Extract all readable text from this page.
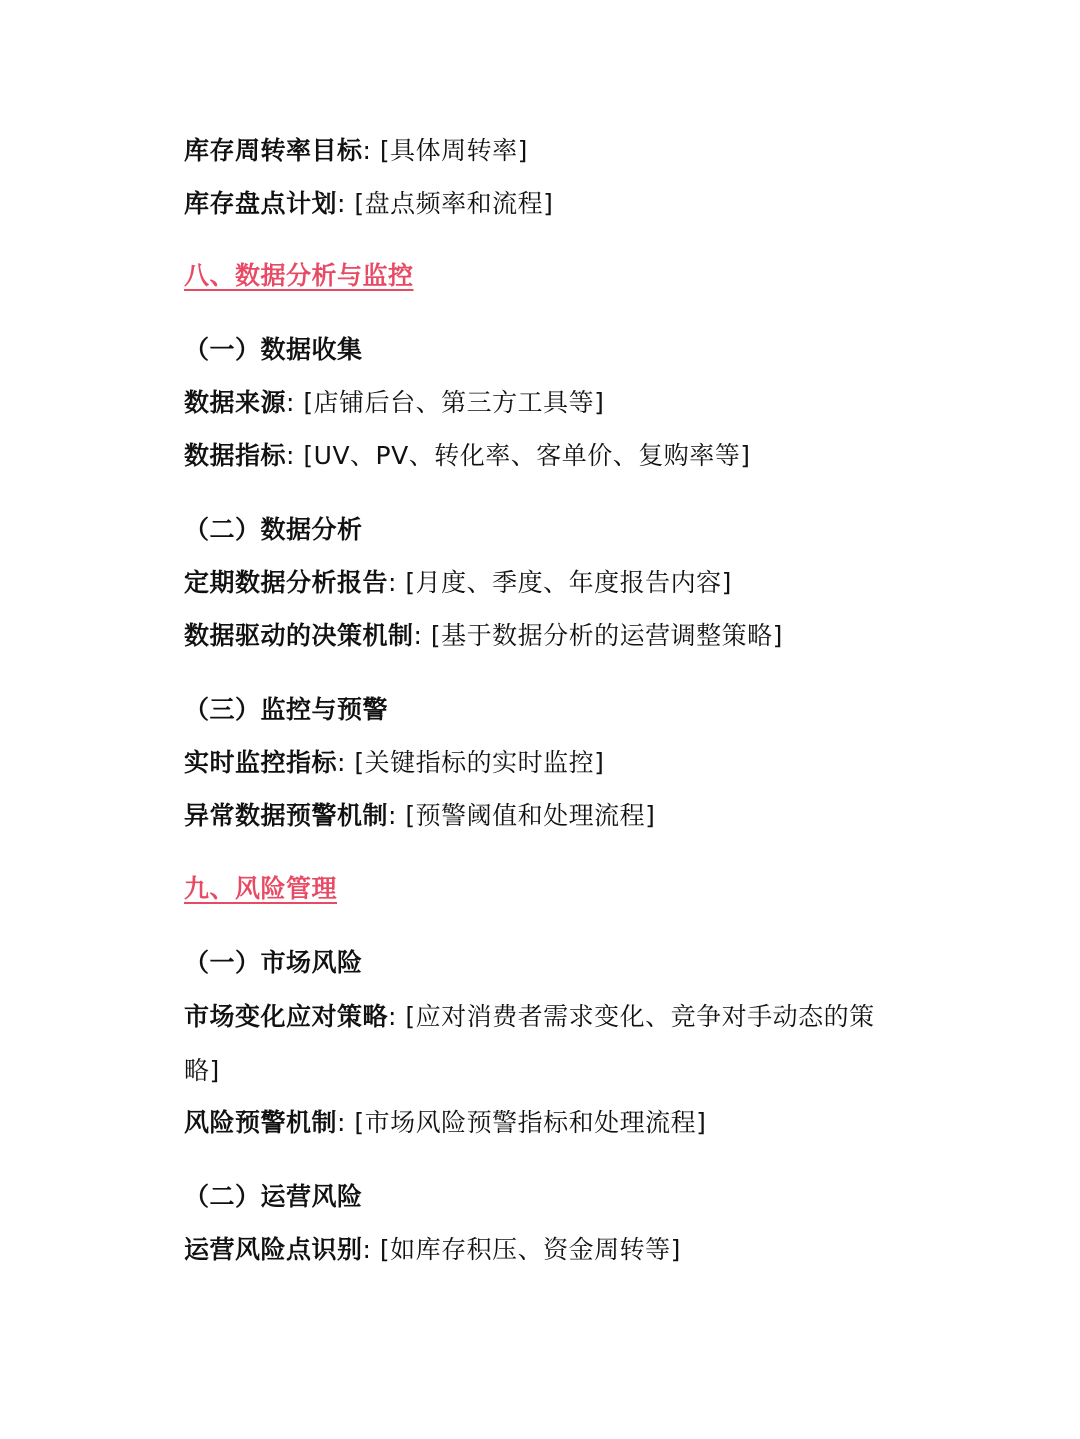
库存周转率目标: [具体周转率]
库存盘点计划: [盘点频率和流程]
八、数据分析与监控
（一）数据收集
数据来源: [店铺后台、第三方工具等]
数据指标: [UV、PV、转化率、客单价、复购率等]
（二）数据分析
定期数据分析报告: [月度、季度、年度报告内容]
数据驱动的决策机制: [基于数据分析的运营调整策略]
（三）监控与预警
实时监控指标: [关键指标的实时监控]
异常数据预警机制: [预警阈值和处理流程]
九、风险管理
（一）市场风险
市场变化应对策略: [应对消费者需求变化、竞争对手动态的策略]
风险预警机制: [市场风险预警指标和处理流程]
（二）运营风险
运营风险点识别: [如库存积压、资金周转等]
